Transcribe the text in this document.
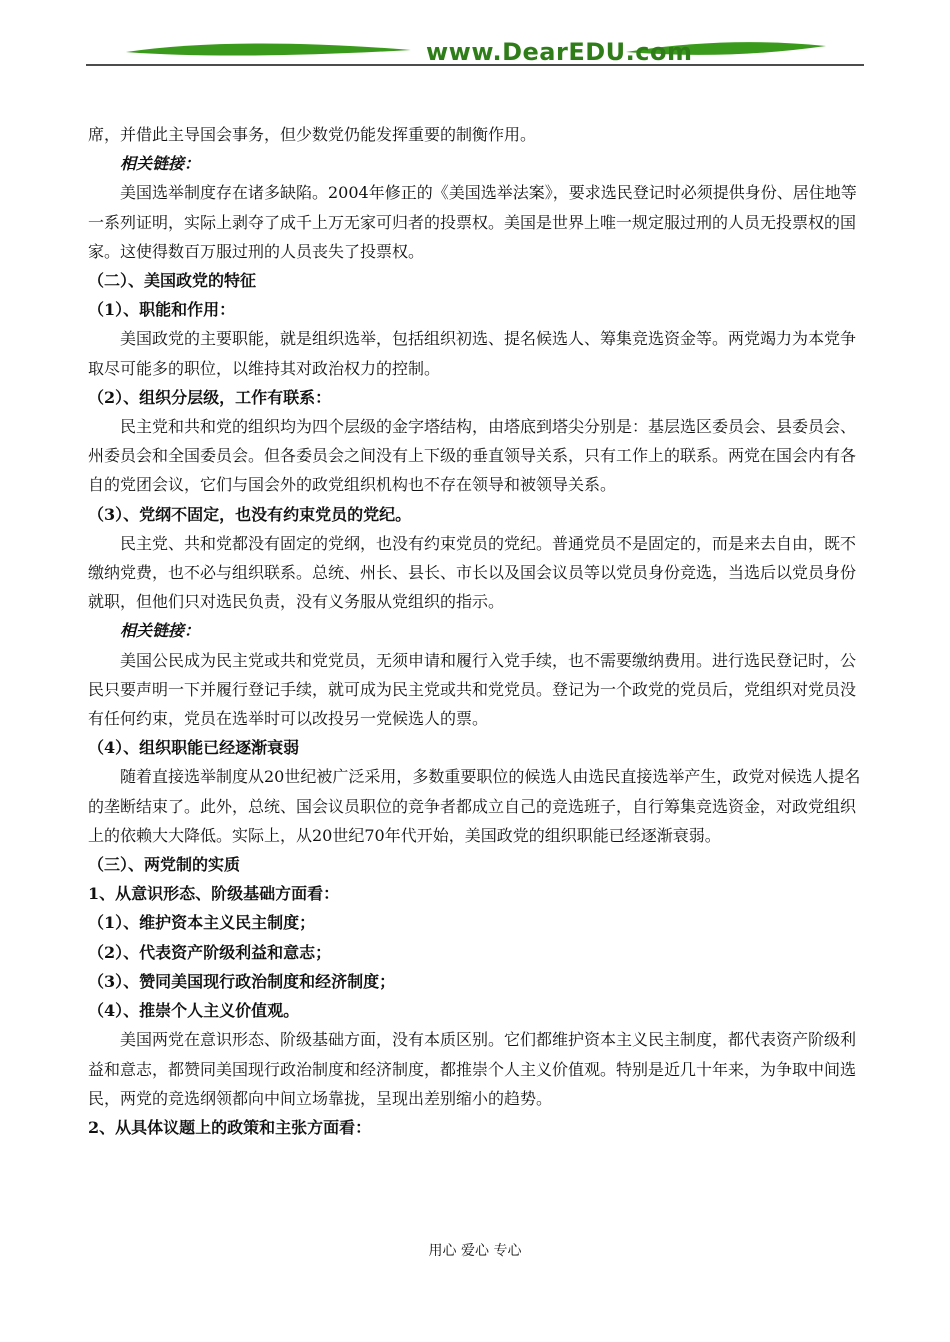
www.DearEDU.com

席，并借此主导国会事务，但少数党仍能发挥重要的制衡作用。

相关链接：

美国选举制度存在诸多缺陷。2004年修正的《美国选举法案》，要求选民登记时必须提供身份、居住地等一系列证明，实际上剥夺了成千上万无家可归者的投票权。美国是世界上唯一规定服过刑的人员无投票权的国家。这使得数百万服过刑的人员丧失了投票权。

（二）、美国政党的特征

（1）、职能和作用：

美国政党的主要职能，就是组织选举，包括组织初选、提名候选人、筹集竞选资金等。两党竭力为本党争取尽可能多的职位，以维持其对政治权力的控制。

（2）、组织分层级，工作有联系：

民主党和共和党的组织均为四个层级的金字塔结构，由塔底到塔尖分别是：基层选区委员会、县委员会、州委员会和全国委员会。但各委员会之间没有上下级的垂直领导关系，只有工作上的联系。两党在国会内有各自的党团会议，它们与国会外的政党组织机构也不存在领导和被领导关系。

（3）、党纲不固定，也没有约束党员的党纪。

民主党、共和党都没有固定的党纲，也没有约束党员的党纪。普通党员不是固定的，而是来去自由，既不缴纳党费，也不必与组织联系。总统、州长、县长、市长以及国会议员等以党员身份竞选，当选后以党员身份就职，但他们只对选民负责，没有义务服从党组织的指示。

相关链接：

美国公民成为民主党或共和党党员，无须申请和履行入党手续，也不需要缴纳费用。进行选民登记时，公民只要声明一下并履行登记手续，就可成为民主党或共和党党员。登记为一个政党的党员后，党组织对党员没有任何约束，党员在选举时可以改投另一党候选人的票。

（4）、组织职能已经逐渐衰弱

随着直接选举制度从20世纪被广泛采用，多数重要职位的候选人由选民直接选举产生，政党对候选人提名的垄断结束了。此外，总统、国会议员职位的竞争者都成立自己的竞选班子，自行筹集竞选资金，对政党组织上的依赖大大降低。实际上，从20世纪70年代开始，美国政党的组织职能已经逐渐衰弱。

（三）、两党制的实质

1、从意识形态、阶级基础方面看：

（1）、维护资本主义民主制度；

（2）、代表资产阶级利益和意志；

（3）、赞同美国现行政治制度和经济制度；

（4）、推崇个人主义价值观。

美国两党在意识形态、阶级基础方面，没有本质区别。它们都维护资本主义民主制度，都代表资产阶级利益和意志，都赞同美国现行政治制度和经济制度，都推崇个人主义价值观。特别是近几十年来，为争取中间选民，两党的竞选纲领都向中间立场靠拢，呈现出差别缩小的趋势。

2、从具体议题上的政策和主张方面看：

用心 爱心 专心
